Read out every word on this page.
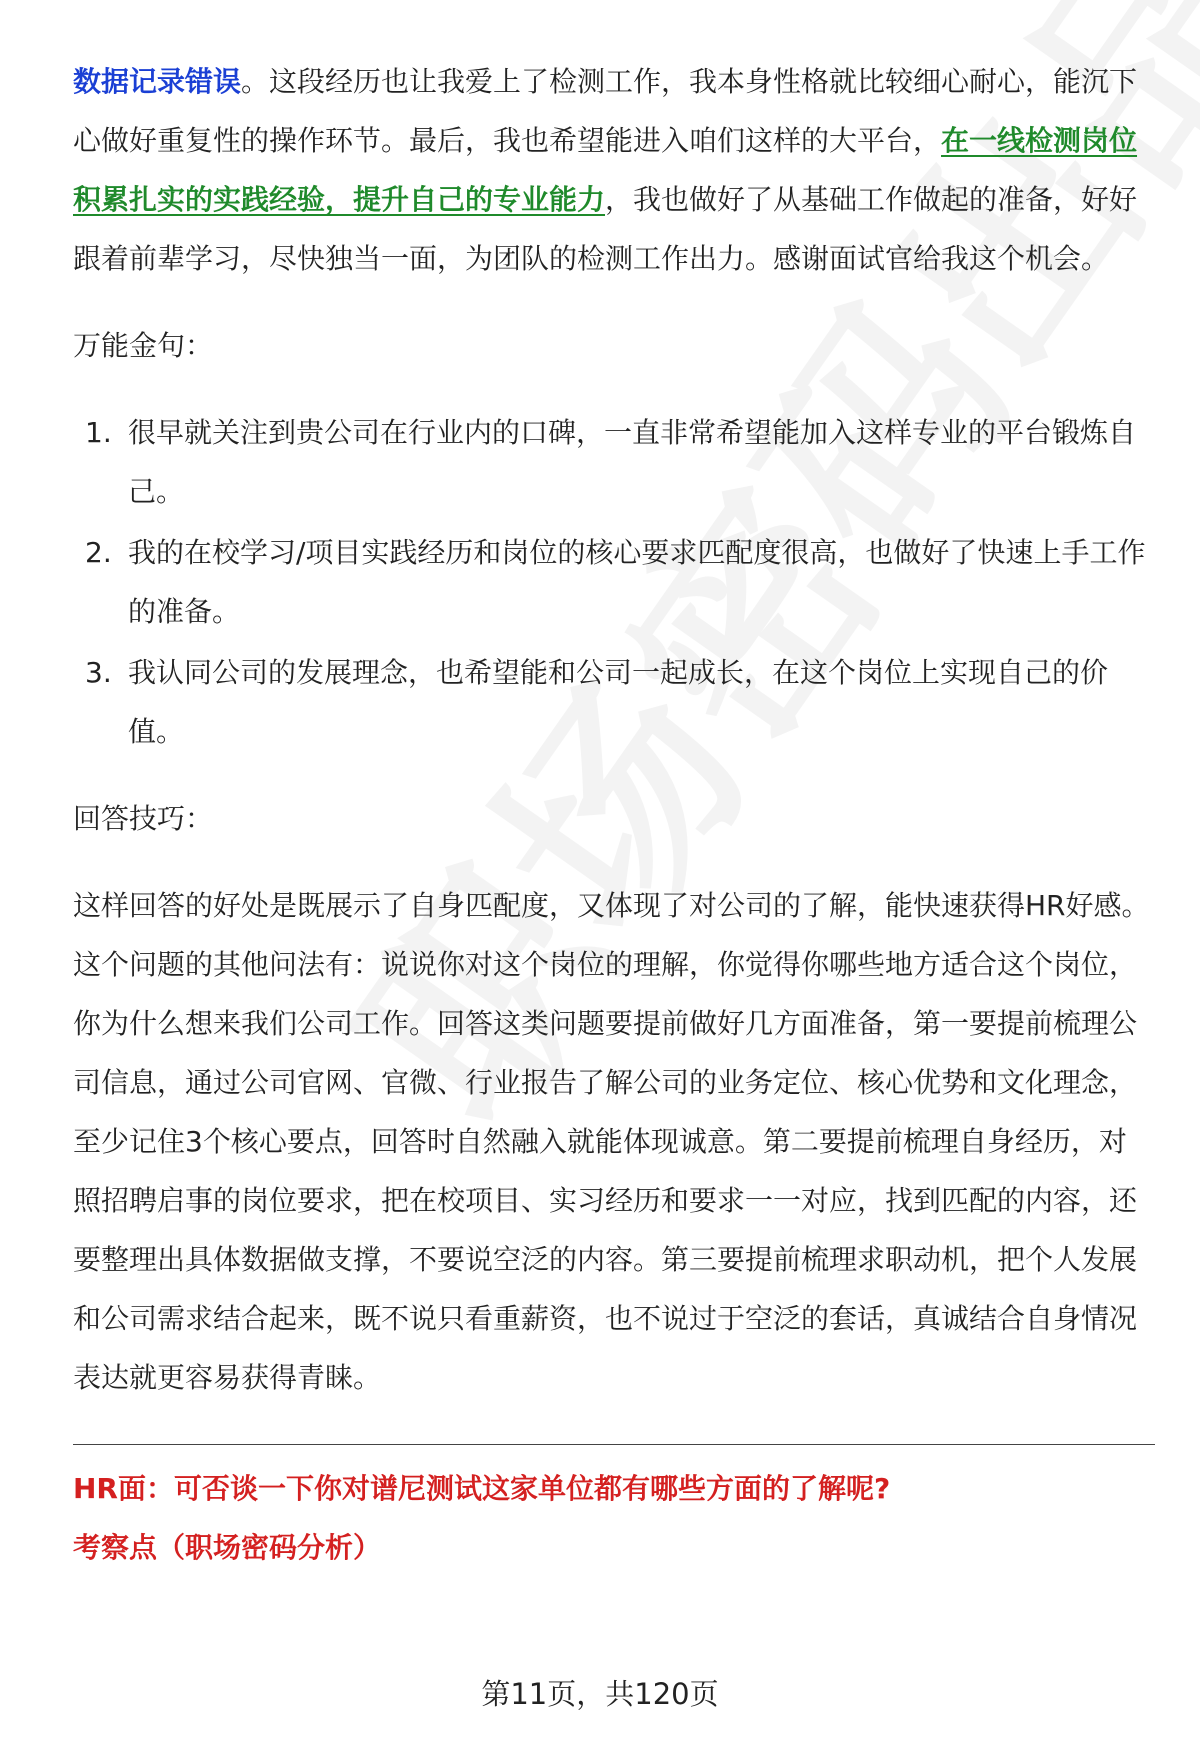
数据记录错误。这段经历也让我爱上了检测工作，我本身性格就比较细心耐心，能沉下心做好重复性的操作环节。最后，我也希望能进入咱们这样的大平台，在一线检测岗位积累扎实的实践经验，提升自己的专业能力，我也做好了从基础工作做起的准备，好好跟着前辈学习，尽快独当一面，为团队的检测工作出力。感谢面试官给我这个机会。

万能金句：

1. 很早就关注到贵公司在行业内的口碑，一直非常希望能加入这样专业的平台锻炼自己。
2. 我的在校学习/项目实践经历和岗位的核心要求匹配度很高，也做好了快速上手工作的准备。
3. 我认同公司的发展理念，也希望能和公司一起成长，在这个岗位上实现自己的价值。

回答技巧：

这样回答的好处是既展示了自身匹配度，又体现了对公司的了解，能快速获得HR好感。这个问题的其他问法有：说说你对这个岗位的理解，你觉得你哪些地方适合这个岗位，你为什么想来我们公司工作。回答这类问题要提前做好几方面准备，第一要提前梳理公司信息，通过公司官网、官微、行业报告了解公司的业务定位、核心优势和文化理念，至少记住3个核心要点，回答时自然融入就能体现诚意。第二要提前梳理自身经历，对照招聘启事的岗位要求，把在校项目、实习经历和要求一一对应，找到匹配的内容，还要整理出具体数据做支撑，不要说空泛的内容。第三要提前梳理求职动机，把个人发展和公司需求结合起来，既不说只看重薪资，也不说过于空泛的套话，真诚结合自身情况表达就更容易获得青睐。

HR面：可否谈一下你对谱尼测试这家单位都有哪些方面的了解呢?

考察点（职场密码分析）

第11页，共120页
